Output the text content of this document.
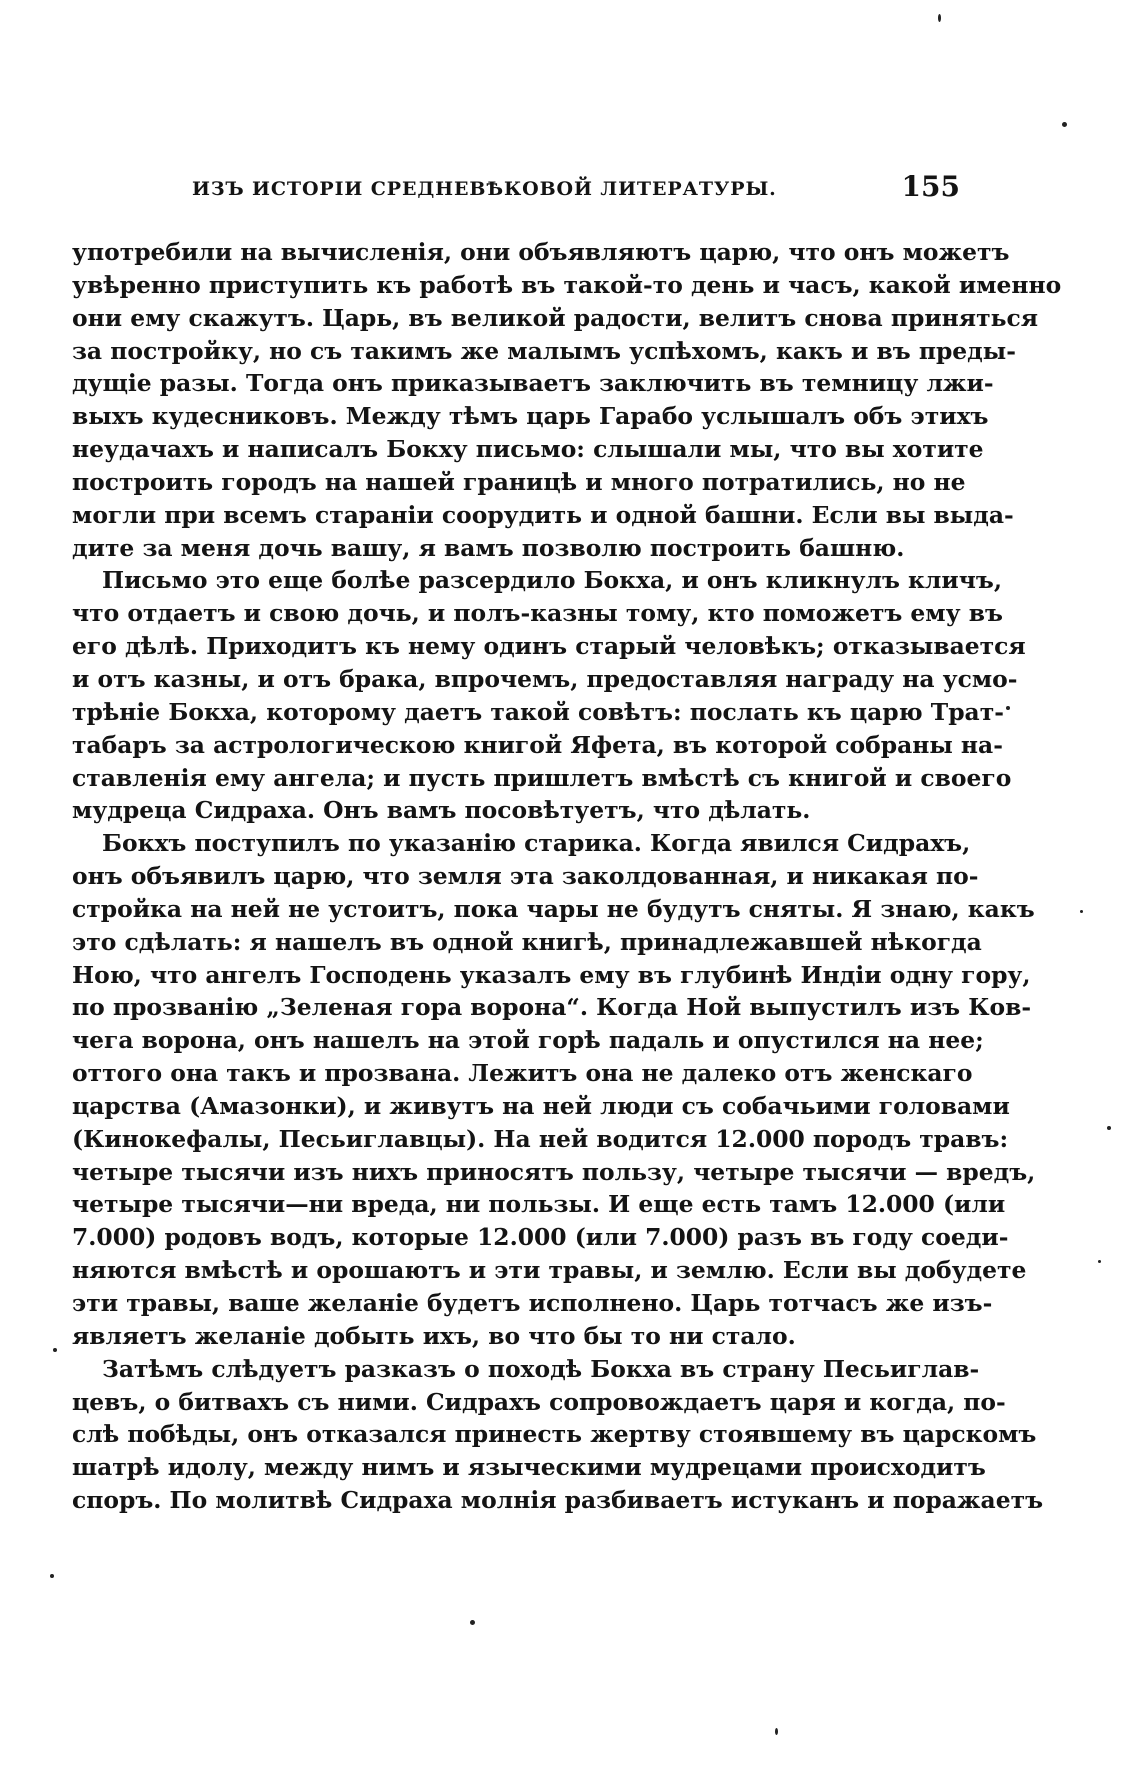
ИЗЪ ИСТОРІИ СРЕДНЕВѢКОВОЙ ЛИТЕРАТУРЫ.	155
употребили на вычисленія, они объявляютъ царю, что онъ можетъ
увѣренно приступить къ работѣ въ такой-то день и часъ, какой именно
они ему скажутъ. Царь, въ великой радости, велитъ снова приняться
за постройку, но съ такимъ же малымъ успѣхомъ, какъ и въ преды-
дущіе разы. Тогда онъ приказываетъ заключить въ темницу лжи-
выхъ кудесниковъ. Между тѣмъ царь Гарабо услышалъ объ этихъ
неудачахъ и написалъ Бокху письмо: слышали мы, что вы хотите
построить городъ на нашей границѣ и много потратились, но не
могли при всемъ стараніи соорудить и одной башни. Если вы выда-
дите за меня дочь вашу, я вамъ позволю построить башню.
Письмо это еще болѣе разсердило Бокха, и онъ кликнулъ кличъ,
что отдаетъ и свою дочь, и полъ-казны тому, кто поможетъ ему въ
его дѣлѣ. Приходитъ къ нему одинъ старый человѣкъ; отказывается
и отъ казны, и отъ брака, впрочемъ, предоставляя награду на усмо-
трѣніе Бокха, которому даетъ такой совѣтъ: послать къ царю Трат-
табаръ за астрологическою книгой Яфета, въ которой собраны на-
ставленія ему ангела; и пусть пришлетъ вмѣстѣ съ книгой и своего
мудреца Сидраха. Онъ вамъ посовѣтуетъ, что дѣлать.
Бокхъ поступилъ по указанію старика. Когда явился Сидрахъ,
онъ объявилъ царю, что земля эта заколдованная, и никакая по-
стройка на ней не устоитъ, пока чары не будутъ сняты. Я знаю, какъ
это сдѣлать: я нашелъ въ одной книгѣ, принадлежавшей нѣкогда
Ною, что ангелъ Господень указалъ ему въ глубинѣ Индіи одну гору,
по прозванію „Зеленая гора ворона“. Когда Ной выпустилъ изъ Ков-
чега ворона, онъ нашелъ на этой горѣ падаль и опустился на нее;
оттого она такъ и прозвана. Лежитъ она не далеко отъ женскаго
царства (Амазонки), и живутъ на ней люди съ собачьими головами
(Кинокефалы, Песьиглавцы). На ней водится 12.000 породъ травъ:
четыре тысячи изъ нихъ приносятъ пользу, четыре тысячи — вредъ,
четыре тысячи—ни вреда, ни пользы. И еще есть тамъ 12.000 (или
7.000) родовъ водъ, которые 12.000 (или 7.000) разъ въ году соеди-
няются вмѣстѣ и орошаютъ и эти травы, и землю. Если вы добудете
эти травы, ваше желаніе будетъ исполнено. Царь тотчасъ же изъ-
являетъ желаніе добыть ихъ, во что бы то ни стало.
Затѣмъ слѣдуетъ разказъ о походѣ Бокха въ страну Песьиглав-
цевъ, о битвахъ съ ними. Сидрахъ сопровождаетъ царя и когда, по-
слѣ побѣды, онъ отказался принесть жертву стоявшему въ царскомъ
шатрѣ идолу, между нимъ и языческими мудрецами происходитъ
споръ. По молитвѣ Сидраха молнія разбиваетъ истуканъ и поражаетъ
